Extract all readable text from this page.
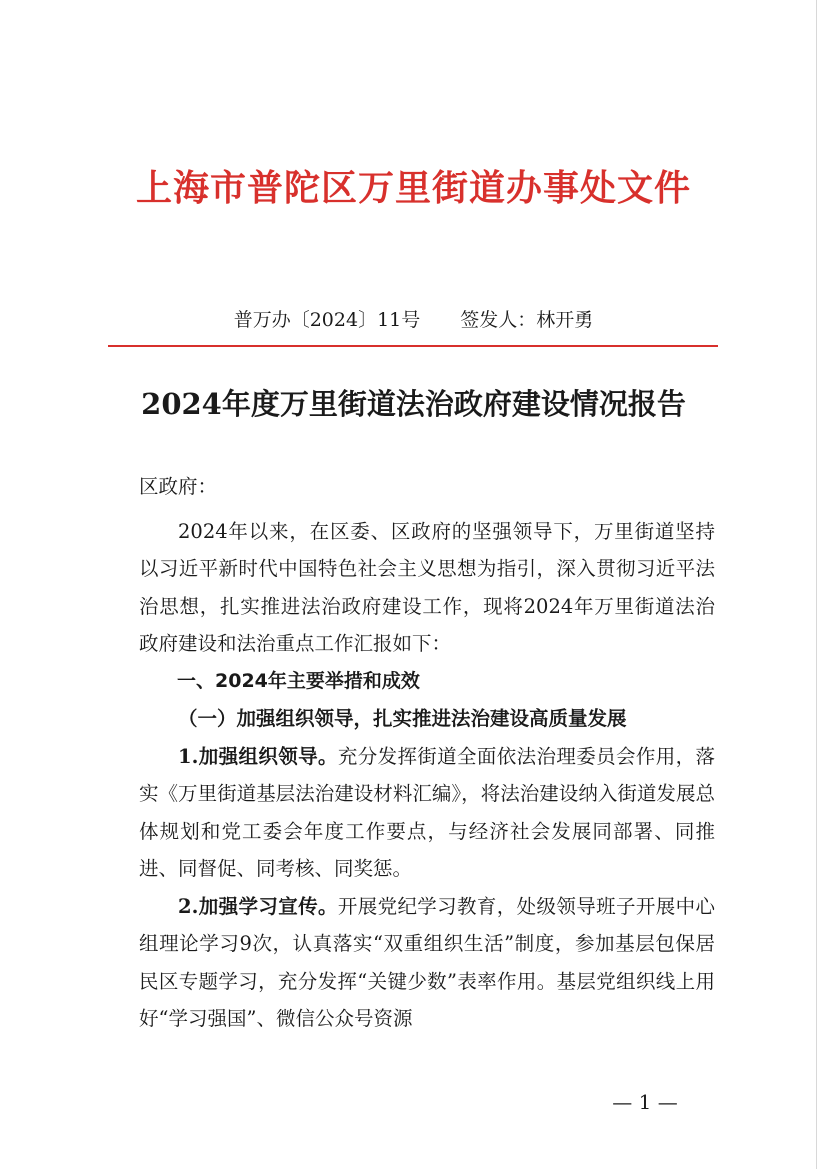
上海市普陀区万里街道办事处文件
普万办〔2024〕11号 签发人：林开勇
2024年度万里街道法治政府建设情况报告

区政府：

2024年以来，在区委、区政府的坚强领导下，万里街道坚持以习近平新时代中国特色社会主义思想为指引，深入贯彻习近平法治思想，扎实推进法治政府建设工作，现将2024年万里街道法治政府建设和法治重点工作汇报如下：

一、2024年主要举措和成效

（一）加强组织领导，扎实推进法治建设高质量发展

1.加强组织领导。充分发挥街道全面依法治理委员会作用，落实《万里街道基层法治建设材料汇编》，将法治建设纳入街道发展总体规划和党工委会年度工作要点，与经济社会发展同部署、同推进、同督促、同考核、同奖惩。

2.加强学习宣传。开展党纪学习教育，处级领导班子开展中心组理论学习9次，认真落实“双重组织生活”制度，参加基层包保居民区专题学习，充分发挥“关键少数”表率作用。基层党组织线上用好“学习强国”、微信公众号资源

— 1 —
